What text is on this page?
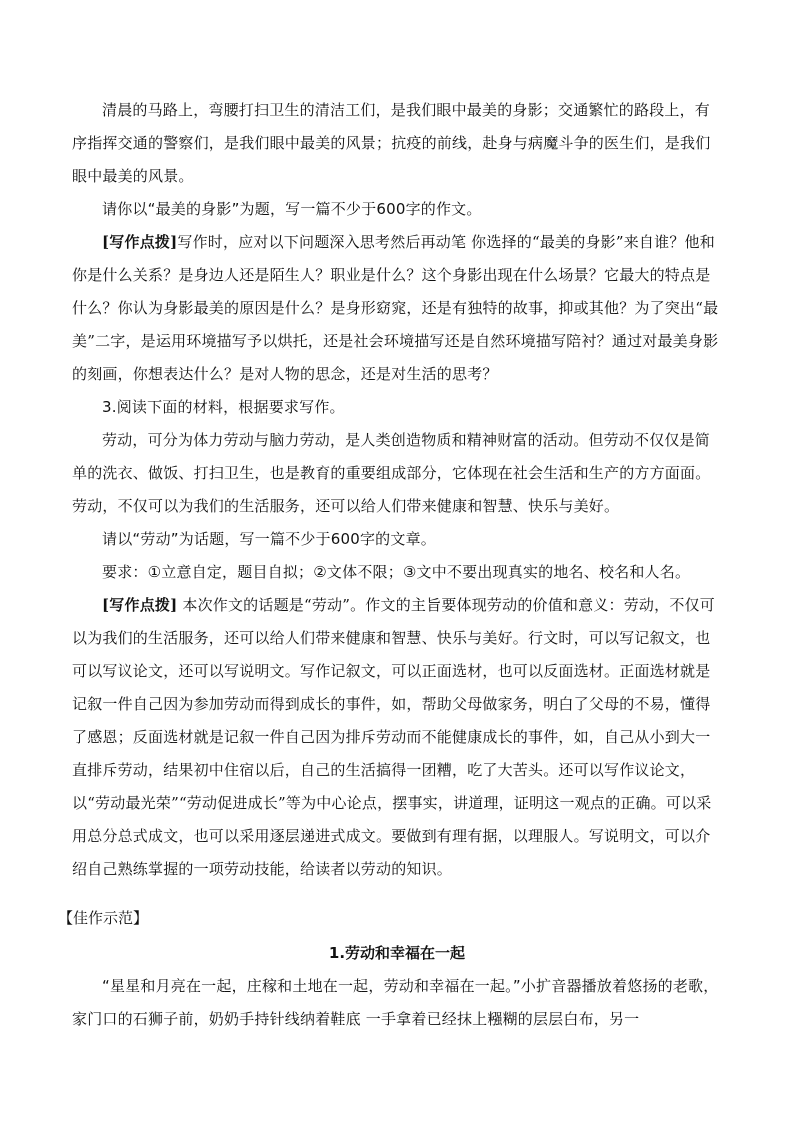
清晨的马路上，弯腰打扫卫生的清洁工们，是我们眼中最美的身影；交通繁忙的路段上，有序指挥交通的警察们，是我们眼中最美的风景；抗疫的前线，赴身与病魔斗争的医生们，是我们眼中最美的风景。

请你以“最美的身影”为题，写一篇不少于600字的作文。

[写作点拨]写作时，应对以下问题深入思考然后再动笔 你选择的“最美的身影”来自谁？他和你是什么关系？是身边人还是陌生人？职业是什么？这个身影出现在什么场景？它最大的特点是什么？你认为身影最美的原因是什么？是身形窈窕，还是有独特的故事，抑或其他？为了突出“最美”二字，是运用环境描写予以烘托，还是社会环境描写还是自然环境描写陪衬？通过对最美身影的刻画，你想表达什么？是对人物的思念，还是对生活的思考？

3.阅读下面的材料，根据要求写作。

劳动，可分为体力劳动与脑力劳动，是人类创造物质和精神财富的活动。但劳动不仅仅是简单的洗衣、做饭、打扫卫生，也是教育的重要组成部分，它体现在社会生活和生产的方方面面。劳动，不仅可以为我们的生活服务，还可以给人们带来健康和智慧、快乐与美好。

请以“劳动”为话题，写一篇不少于600字的文章。

要求：①立意自定，题目自拟；②文体不限；③文中不要出现真实的地名、校名和人名。

[写作点拨] 本次作文的话题是“劳动”。作文的主旨要体现劳动的价值和意义：劳动，不仅可以为我们的生活服务，还可以给人们带来健康和智慧、快乐与美好。行文时，可以写记叙文，也可以写议论文，还可以写说明文。写作记叙文，可以正面选材，也可以反面选材。正面选材就是记叙一件自己因为参加劳动而得到成长的事件，如，帮助父母做家务，明白了父母的不易，懂得了感恩；反面选材就是记叙一件自己因为排斥劳动而不能健康成长的事件，如，自己从小到大一直排斥劳动，结果初中住宿以后，自己的生活搞得一团糟，吃了大苦头。还可以写作议论文，以“劳动最光荣”“劳动促进成长”等为中心论点，摆事实，讲道理，证明这一观点的正确。可以采用总分总式成文，也可以采用逐层递进式成文。要做到有理有据，以理服人。写说明文，可以介绍自己熟练掌握的一项劳动技能，给读者以劳动的知识。

【佳作示范】

1.劳动和幸福在一起

“星星和月亮在一起，庄稼和土地在一起，劳动和幸福在一起。”小扩音器播放着悠扬的老歌，家门口的石狮子前，奶奶手持针线纳着鞋底 一手拿着已经抹上糨糊的层层白布，另一
